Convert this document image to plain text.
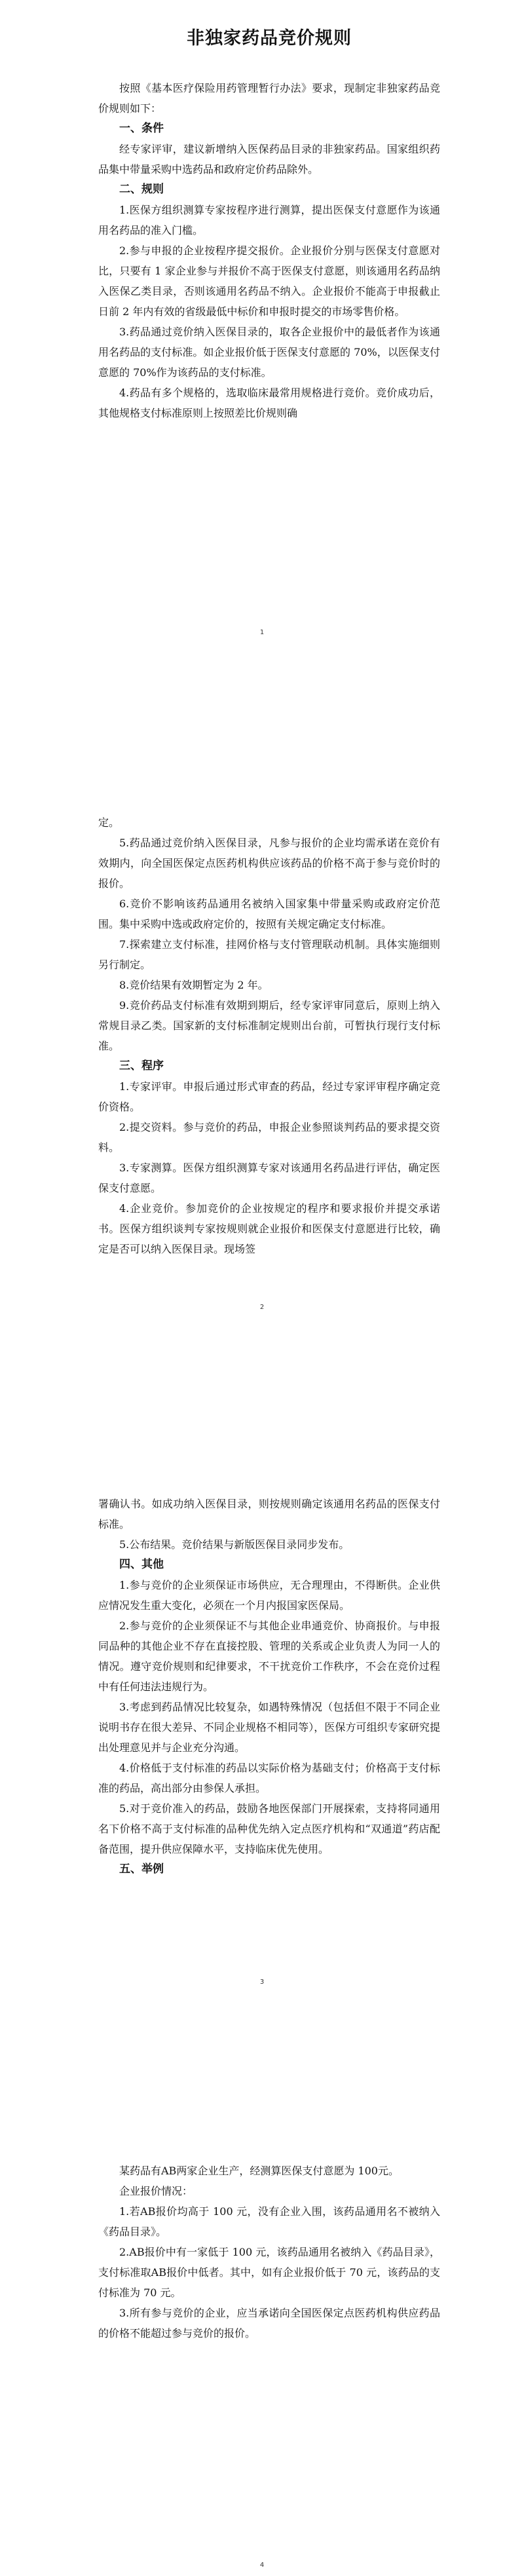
非独家药品竞价规则

按照《基本医疗保险用药管理暂行办法》要求，现制定非独家药品竞价规则如下：

一、条件

经专家评审，建议新增纳入医保药品目录的非独家药品。国家组织药品集中带量采购中选药品和政府定价药品除外。

二、规则

1.医保方组织测算专家按程序进行测算，提出医保支付意愿作为该通用名药品的准入门槛。

2.参与申报的企业按程序提交报价。企业报价分别与医保支付意愿对比，只要有 1 家企业参与并报价不高于医保支付意愿，则该通用名药品纳入医保乙类目录，否则该通用名药品不纳入。企业报价不能高于申报截止日前 2 年内有效的省级最低中标价和申报时提交的市场零售价格。

3.药品通过竞价纳入医保目录的，取各企业报价中的最低者作为该通用名药品的支付标准。如企业报价低于医保支付意愿的 70%，以医保支付意愿的 70%作为该药品的支付标准。

4.药品有多个规格的，选取临床最常用规格进行竞价。竞价成功后，其他规格支付标准原则上按照差比价规则确

1

定。

5.药品通过竞价纳入医保目录，凡参与报价的企业均需承诺在竞价有效期内，向全国医保定点医药机构供应该药品的价格不高于参与竞价时的报价。

6.竞价不影响该药品通用名被纳入国家集中带量采购或政府定价范围。集中采购中选或政府定价的，按照有关规定确定支付标准。

7.探索建立支付标准，挂网价格与支付管理联动机制。具体实施细则另行制定。

8.竞价结果有效期暂定为 2 年。

9.竞价药品支付标准有效期到期后，经专家评审同意后，原则上纳入常规目录乙类。国家新的支付标准制定规则出台前，可暂执行现行支付标准。

三、程序

1.专家评审。申报后通过形式审查的药品，经过专家评审程序确定竞价资格。

2.提交资料。参与竞价的药品，申报企业参照谈判药品的要求提交资料。

3.专家测算。医保方组织测算专家对该通用名药品进行评估，确定医保支付意愿。

4.企业竞价。参加竞价的企业按规定的程序和要求报价并提交承诺书。医保方组织谈判专家按规则就企业报价和医保支付意愿进行比较，确定是否可以纳入医保目录。现场签

2

署确认书。如成功纳入医保目录，则按规则确定该通用名药品的医保支付标准。

5.公布结果。竞价结果与新版医保目录同步发布。

四、其他

1.参与竞价的企业须保证市场供应，无合理理由，不得断供。企业供应情况发生重大变化，必须在一个月内报国家医保局。

2.参与竞价的企业须保证不与其他企业串通竞价、协商报价。与申报同品种的其他企业不存在直接控股、管理的关系或企业负责人为同一人的情况。遵守竞价规则和纪律要求，不干扰竞价工作秩序，不会在竞价过程中有任何违法违规行为。

3.考虑到药品情况比较复杂，如遇特殊情况（包括但不限于不同企业说明书存在很大差异、不同企业规格不相同等），医保方可组织专家研究提出处理意见并与企业充分沟通。

4.价格低于支付标准的药品以实际价格为基础支付；价格高于支付标准的药品，高出部分由参保人承担。

5.对于竞价准入的药品，鼓励各地医保部门开展探索，支持将同通用名下价格不高于支付标准的品种优先纳入定点医疗机构和“双通道”药店配备范围，提升供应保障水平，支持临床优先使用。

五、举例

3

某药品有AB两家企业生产，经测算医保支付意愿为 100元。

企业报价情况：

1.若AB报价均高于 100 元，没有企业入围，该药品通用名不被纳入《药品目录》。

2.AB报价中有一家低于 100 元，该药品通用名被纳入《药品目录》，支付标准取AB报价中低者。其中，如有企业报价低于 70 元，该药品的支付标准为 70 元。

3.所有参与竞价的企业，应当承诺向全国医保定点医药机构供应药品的价格不能超过参与竞价的报价。

4
